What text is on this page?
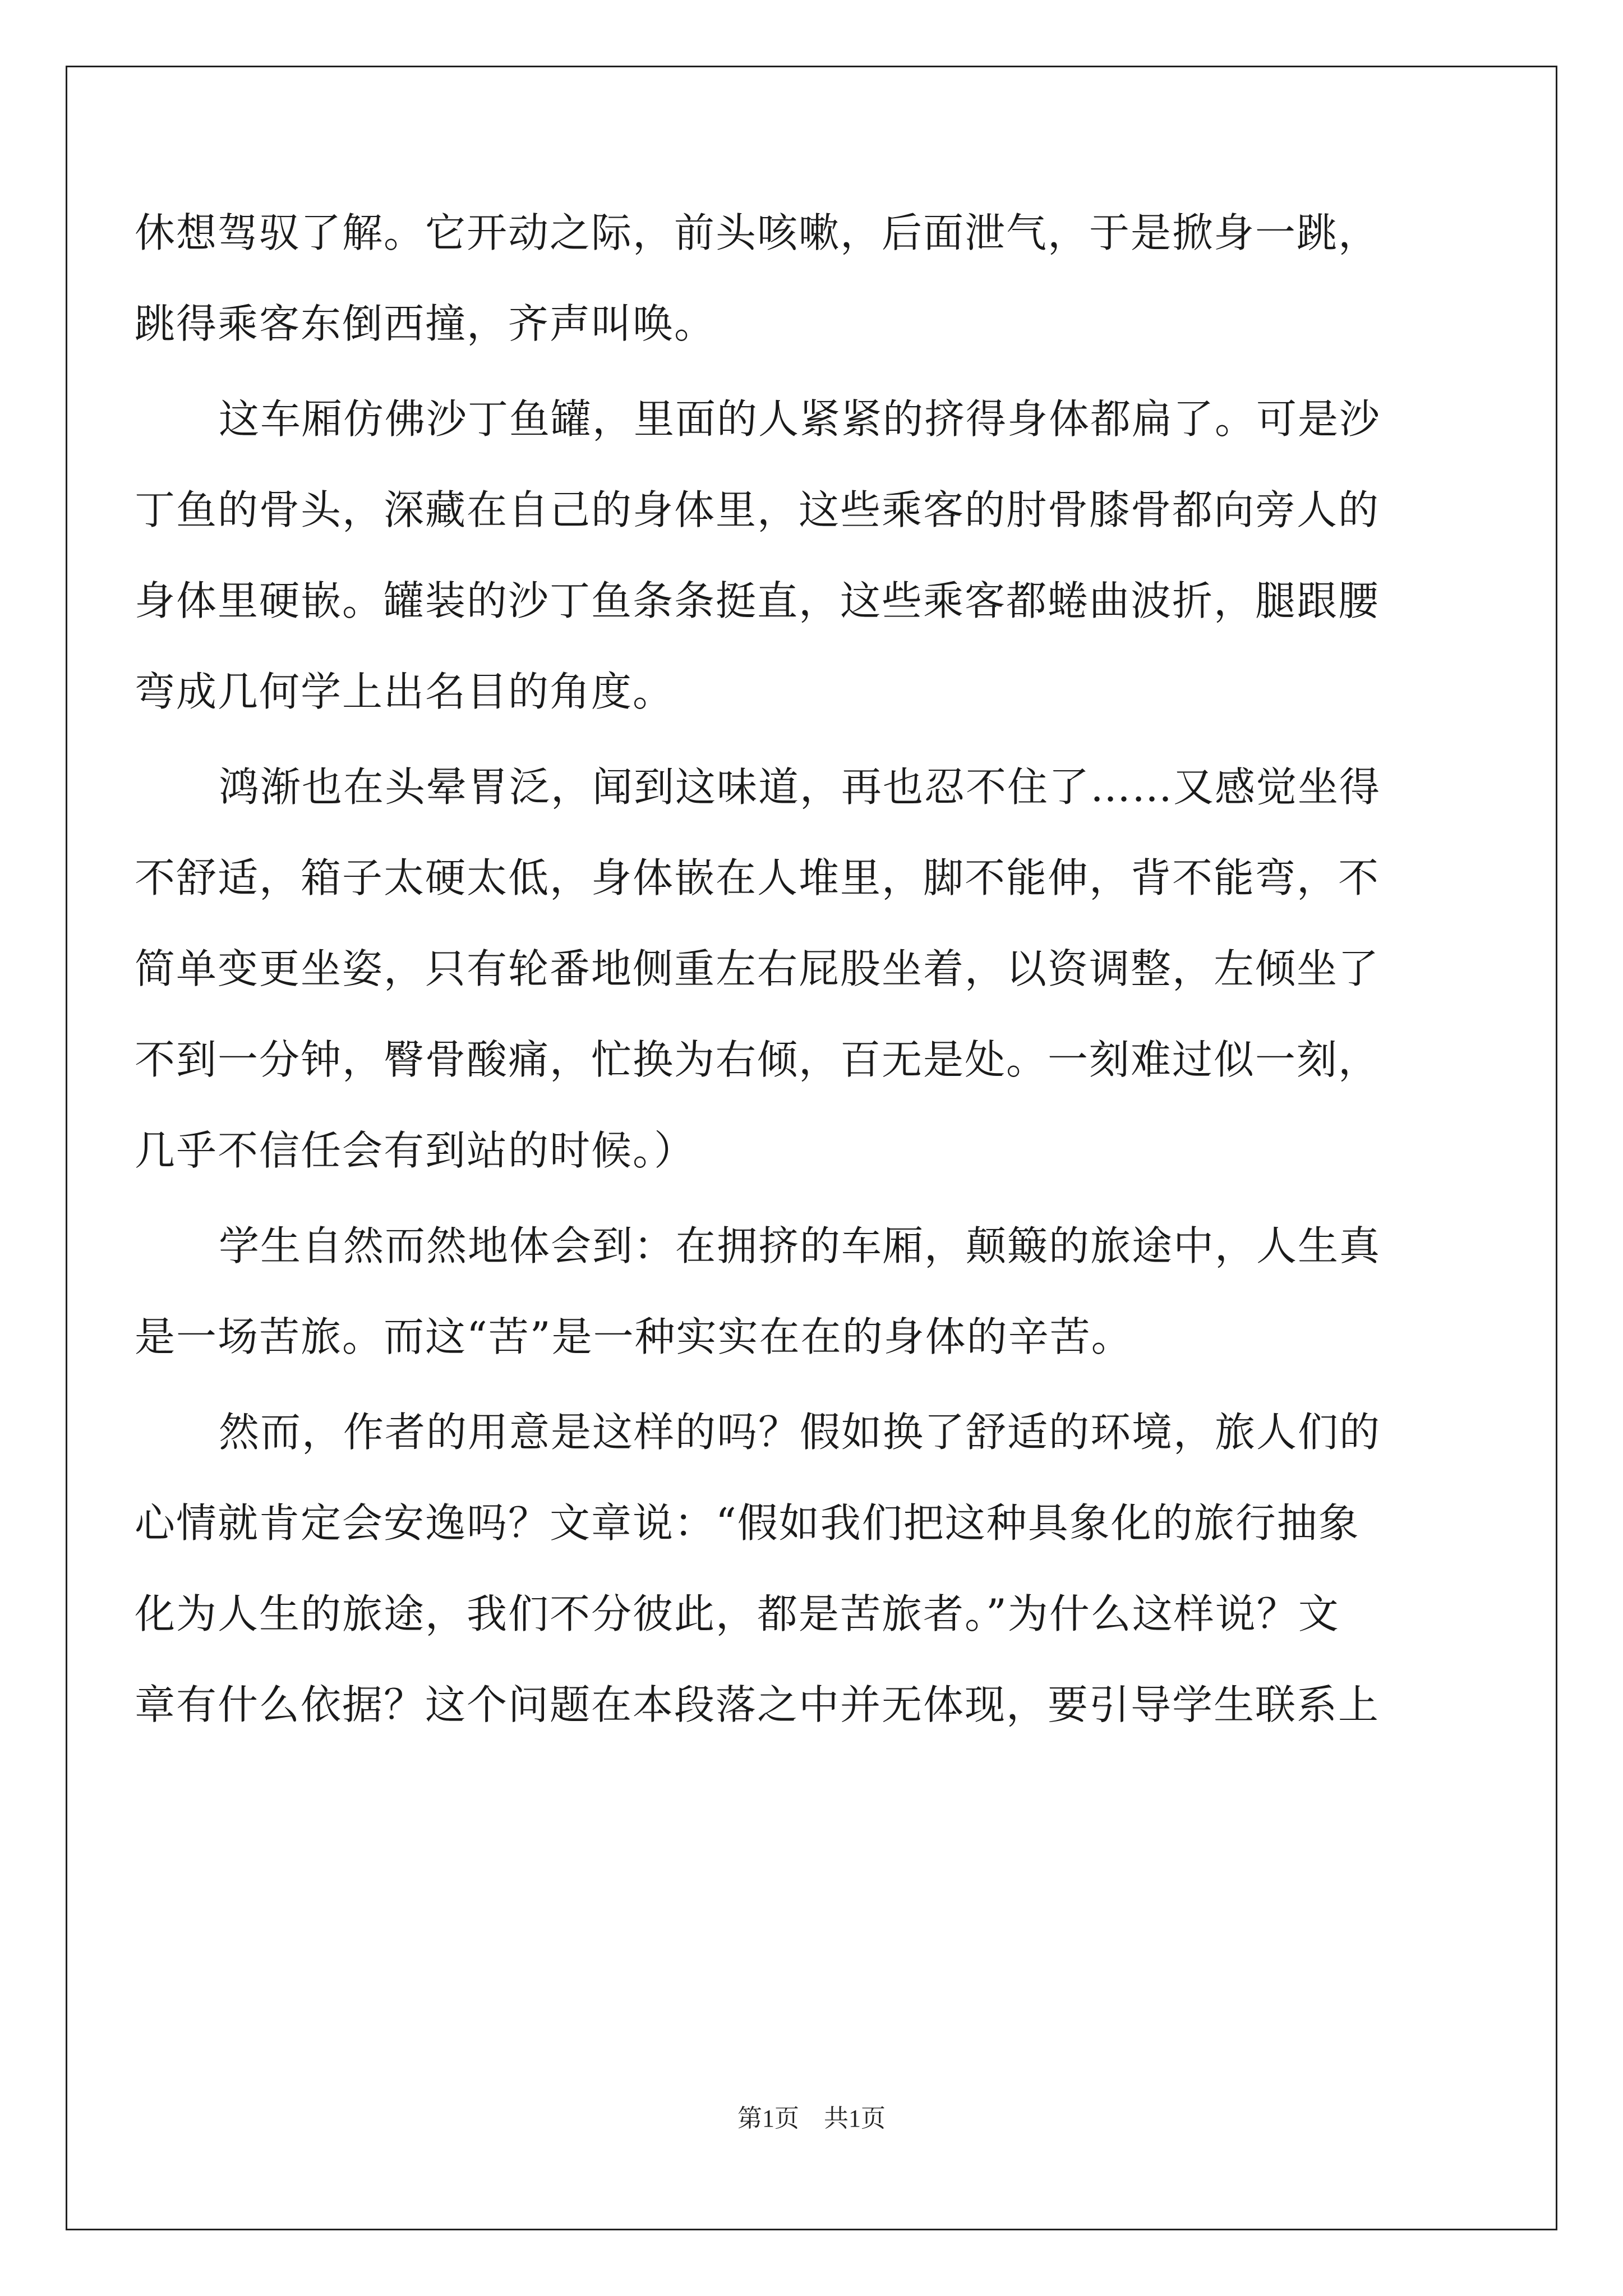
休想驾驭了解。它开动之际，前头咳嗽，后面泄气，于是掀身一跳，
跳得乘客东倒西撞，齐声叫唤。
这车厢仿佛沙丁鱼罐，里面的人紧紧的挤得身体都扁了。可是沙
丁鱼的骨头，深藏在自己的身体里，这些乘客的肘骨膝骨都向旁人的
身体里硬嵌。罐装的沙丁鱼条条挺直，这些乘客都蜷曲波折，腿跟腰
弯成几何学上出名目的角度。
鸿渐也在头晕胃泛，闻到这味道，再也忍不住了……又感觉坐得
不舒适，箱子太硬太低，身体嵌在人堆里，脚不能伸，背不能弯，不
简单变更坐姿，只有轮番地侧重左右屁股坐着，以资调整，左倾坐了
不到一分钟，臀骨酸痛，忙换为右倾，百无是处。一刻难过似一刻，
几乎不信任会有到站的时候。）
学生自然而然地体会到：在拥挤的车厢，颠簸的旅途中，人生真
是一场苦旅。而这“苦”是一种实实在在的身体的辛苦。
然而，作者的用意是这样的吗？假如换了舒适的环境，旅人们的
心情就肯定会安逸吗？文章说：“假如我们把这种具象化的旅行抽象
化为人生的旅途，我们不分彼此，都是苦旅者。”为什么这样说？文
章有什么依据？这个问题在本段落之中并无体现，要引导学生联系上
第1页　共1页
